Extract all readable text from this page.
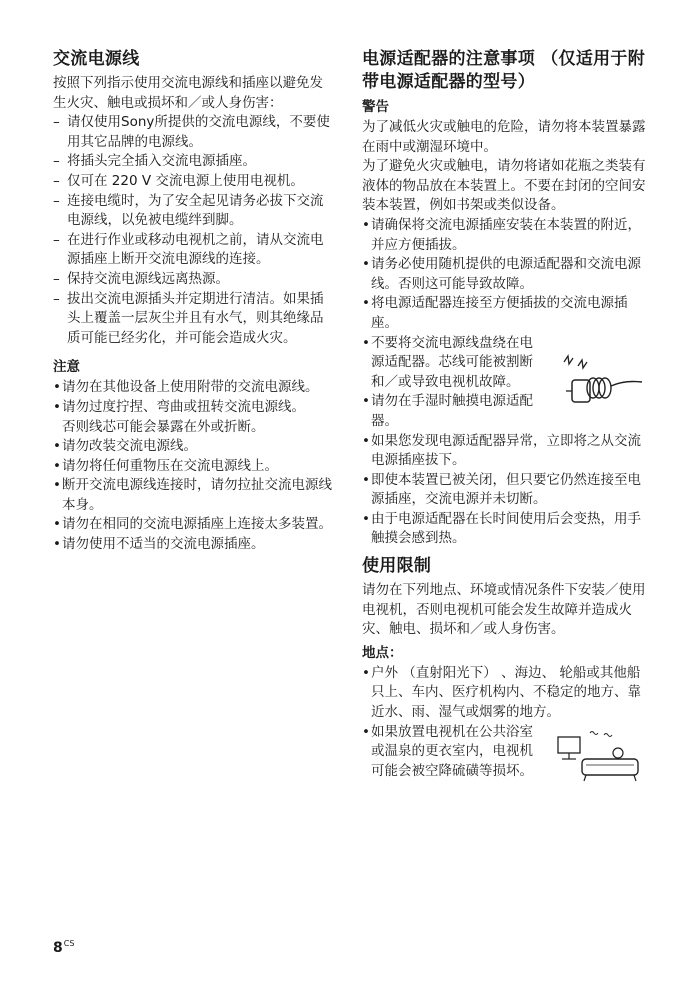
交流电源线

按照下列指示使用交流电源线和插座以避免发生火灾、触电或损坏和／或人身伤害：

– 请仅使用Sony所提供的交流电源线，不要使用其它品牌的电源线。
– 将插头完全插入交流电源插座。
– 仅可在 220 V 交流电源上使用电视机。
– 连接电缆时，为了安全起见请务必拔下交流电源线，以免被电缆绊到脚。
– 在进行作业或移动电视机之前，请从交流电源插座上断开交流电源线的连接。
– 保持交流电源线远离热源。
– 拔出交流电源插头并定期进行清洁。如果插头上覆盖一层灰尘并且有水气，则其绝缘品质可能已经劣化，并可能会造成火灾。
注意
• 请勿在其他设备上使用附带的交流电源线。
• 请勿过度拧捏、弯曲或扭转交流电源线。
否则线芯可能会暴露在外或折断。
• 请勿改装交流电源线。
• 请勿将任何重物压在交流电源线上。
• 断开交流电源线连接时，请勿拉扯交流电源线本身。
• 请勿在相同的交流电源插座上连接太多装置。
• 请勿使用不适当的交流电源插座。
电源适配器的注意事项 （仅适用于附带电源适配器的型号）
警告

为了减低火灾或触电的危险，请勿将本装置暴露在雨中或潮湿环境中。

为了避免火灾或触电，请勿将诸如花瓶之类装有液体的物品放在本装置上。不要在封闭的空间安装本装置，例如书架或类似设备。

• 请确保将交流电源插座安装在本装置的附近，并应方便插拔。
• 请务必使用随机提供的电源适配器和交流电源线。否则这可能导致故障。
• 将电源适配器连接至方便插拔的交流电源插座。
• 不要将交流电源线盘绕在电源适配器。芯线可能被割断和／或导致电视机故障。
• 请勿在手湿时触摸电源适配器。
• 如果您发现电源适配器异常，立即将之从交流电源插座拔下。
• 即使本装置已被关闭，但只要它仍然连接至电源插座，交流电源并未切断。
• 由于电源适配器在长时间使用后会变热，用手触摸会感到热。
使用限制

请勿在下列地点、环境或情况条件下安装／使用电视机，否则电视机可能会发生故障并造成火灾、触电、损坏和／或人身伤害。

地点：
• 户外 （直射阳光下） 、海边、 轮船或其他船只上、车内、医疗机构内、不稳定的地方、靠近水、雨、湿气或烟雾的地方。
• 如果放置电视机在公共浴室或温泉的更衣室内，电视机可能会被空降硫磺等损坏。
$8^{CS}$
